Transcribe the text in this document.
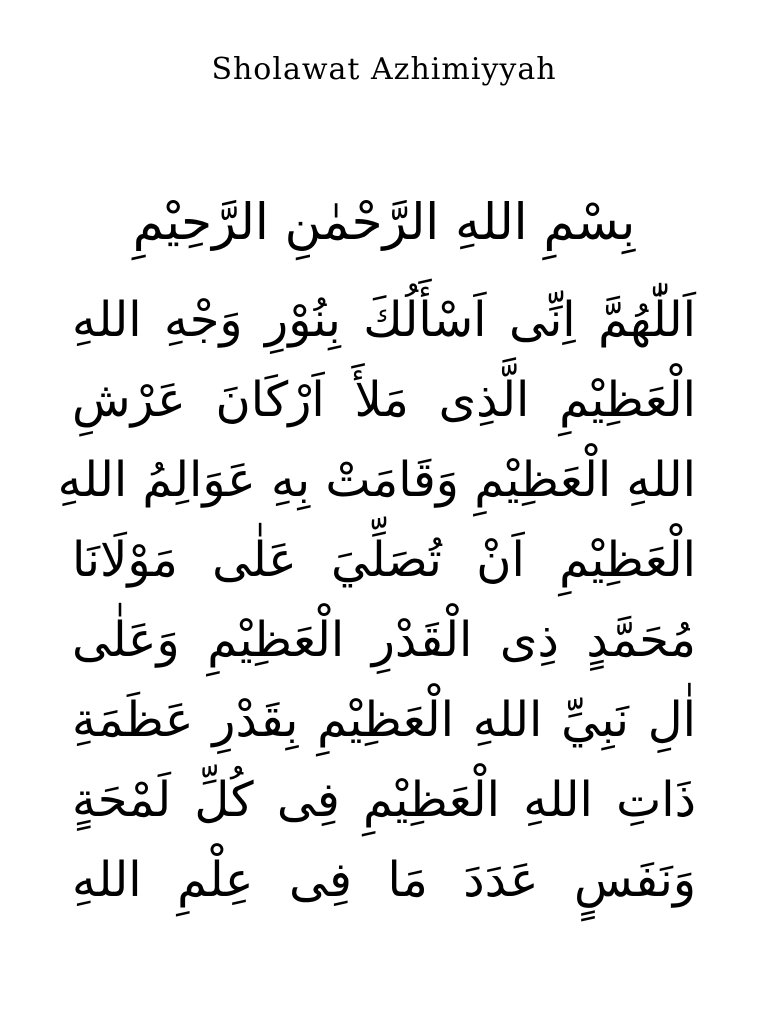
Sholawat Azhimiyyah
بِسْمِ اللهِ الرَّحْمٰنِ الرَّحِيْمِ
اَللّٰهُمَّ اِنِّى اَسْأَلُكَ بِنُوْرِ وَجْهِ اللهِ
الْعَظِيْمِ الَّذِى مَلأَ اَرْكَانَ عَرْشِ
اللهِ الْعَظِيْمِ وَقَامَتْ بِهِ عَوَالِمُ اللهِ
الْعَظِيْمِ اَنْ تُصَلِّيَ عَلٰى مَوْلَانَا
مُحَمَّدٍ ذِى الْقَدْرِ الْعَظِيْمِ وَعَلٰى
اٰلِ نَبِيِّ اللهِ الْعَظِيْمِ بِقَدْرِ عَظَمَةِ
ذَاتِ اللهِ الْعَظِيْمِ فِى كُلِّ لَمْحَةٍ
وَنَفَسٍ عَدَدَ مَا فِى عِلْمِ اللهِ
